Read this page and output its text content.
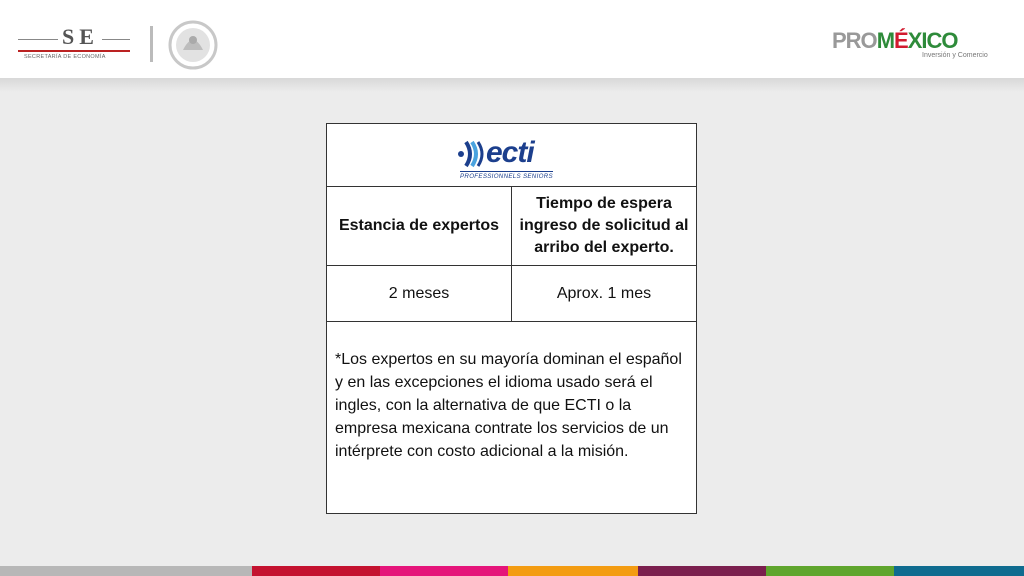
SE
SECRETARÍA DE ECONOMÍA
PROMÉXICO
Inversión y Comercio
ecti
PROFESSIONNELS SENIORS
Estancia de expertos
Tiempo de espera ingreso de solicitud al arribo del experto.
2 meses	Aprox. 1 mes
*Los expertos en su mayoría dominan el español y en las excepciones el idioma usado será el ingles, con la alternativa de que ECTI o la empresa mexicana contrate los servicios de un intérprete con costo adicional a la misión.
